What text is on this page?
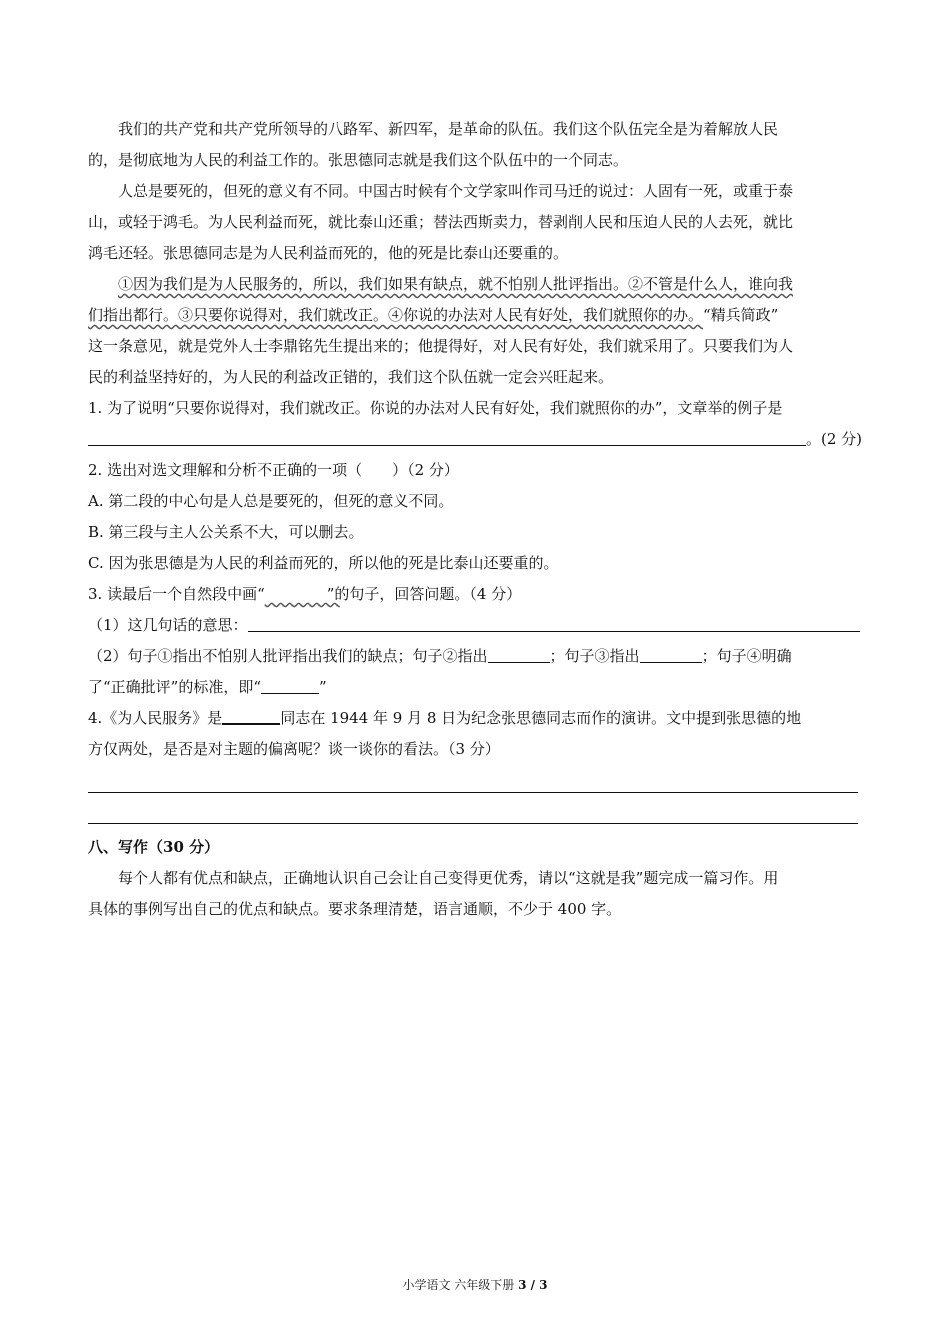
我们的共产党和共产党所领导的八路军、新四军，是革命的队伍。我们这个队伍完全是为着解放人民
的，是彻底地为人民的利益工作的。张思德同志就是我们这个队伍中的一个同志。
人总是要死的，但死的意义有不同。中国古时候有个文学家叫作司马迁的说过：人固有一死，或重于泰
山，或轻于鸿毛。为人民利益而死，就比泰山还重；替法西斯卖力，替剥削人民和压迫人民的人去死，就比
鸿毛还轻。张思德同志是为人民利益而死的，他的死是比泰山还要重的。
①因为我们是为人民服务的，所以，我们如果有缺点，就不怕别人批评指出。②不管是什么人，谁向我
们指出都行。③只要你说得对，我们就改正。④你说的办法对人民有好处，我们就照你的办。“精兵简政”
这一条意见，就是党外人士李鼎铭先生提出来的；他提得好，对人民有好处，我们就采用了。只要我们为人
民的利益坚持好的，为人民的利益改正错的，我们这个队伍就一定会兴旺起来。
1. 为了说明“只要你说得对，我们就改正。你说的办法对人民有好处，我们就照你的办”，文章举的例子是
。(2 分)
2. 选出对选文理解和分析不正确的一项（　　）（2 分）
A. 第二段的中心句是人总是要死的，但死的意义不同。
B. 第三段与主人公关系不大，可以删去。
C. 因为张思德是为人民的利益而死的，所以他的死是比泰山还要重的。
3. 读最后一个自然段中画“​          ”的句子，回答问题。（4 分）
（1）这几句话的意思：
（2）句子①指出不怕别人批评指出我们的缺点；句子②指出	；句子③指出	；句子④明确
了“正确批评”的标准，即“	”
4.《为人民服务》是	同志在 1944 年 9 月 8 日为纪念张思德同志而作的演讲。文中提到张思德的地
方仅两处，是否是对主题的偏离呢？谈一谈你的看法。（3 分）
八、写作（30 分）
每个人都有优点和缺点，正确地认识自己会让自己变得更优秀，请以“这就是我”题完成一篇习作。用
具体的事例写出自己的优点和缺点。要求条理清楚，语言通顺，不少于 400 字。
小学语文 六年级下册 3 / 3
